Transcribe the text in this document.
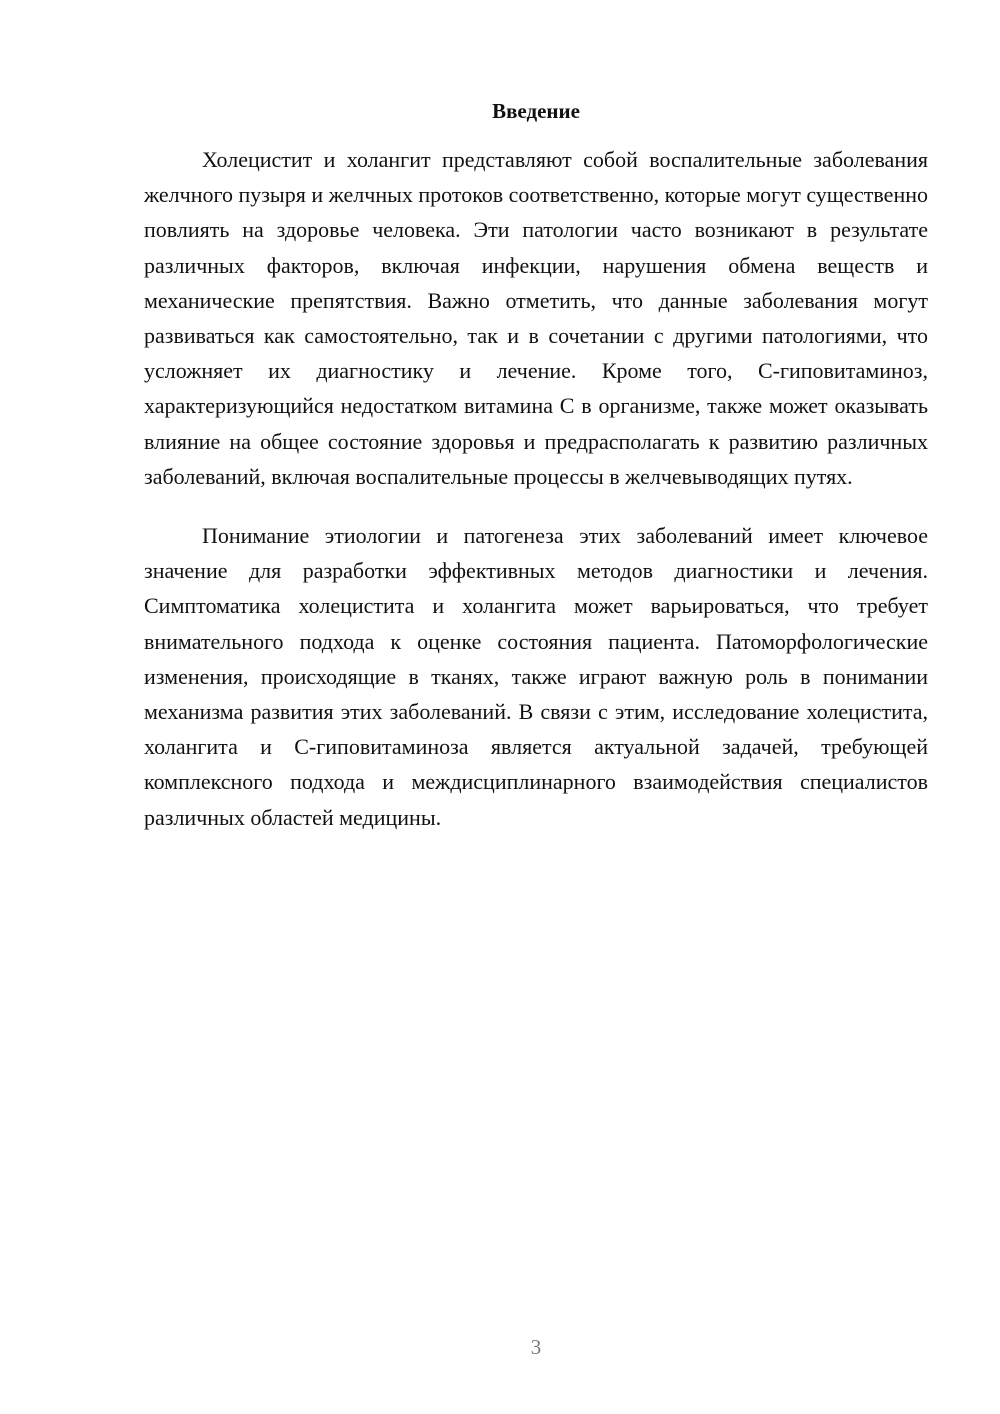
Введение

Холецистит и холангит представляют собой воспалительные заболевания желчного пузыря и желчных протоков соответственно, которые могут существенно повлиять на здоровье человека. Эти патологии часто возникают в результате различных факторов, включая инфекции, нарушения обмена веществ и механические препятствия. Важно отметить, что данные заболевания могут развиваться как самостоятельно, так и в сочетании с другими патологиями, что усложняет их диагностику и лечение. Кроме того, С-гиповитаминоз, характеризующийся недостатком витамина С в организме, также может оказывать влияние на общее состояние здоровья и предрасполагать к развитию различных заболеваний, включая воспалительные процессы в желчевыводящих путях.

Понимание этиологии и патогенеза этих заболеваний имеет ключевое значение для разработки эффективных методов диагностики и лечения. Симптоматика холецистита и холангита может варьироваться, что требует внимательного подхода к оценке состояния пациента. Патоморфологические изменения, происходящие в тканях, также играют важную роль в понимании механизма развития этих заболеваний. В связи с этим, исследование холецистита, холангита и С-гиповитаминоза является актуальной задачей, требующей комплексного подхода и междисциплинарного взаимодействия специалистов различных областей медицины.

3
